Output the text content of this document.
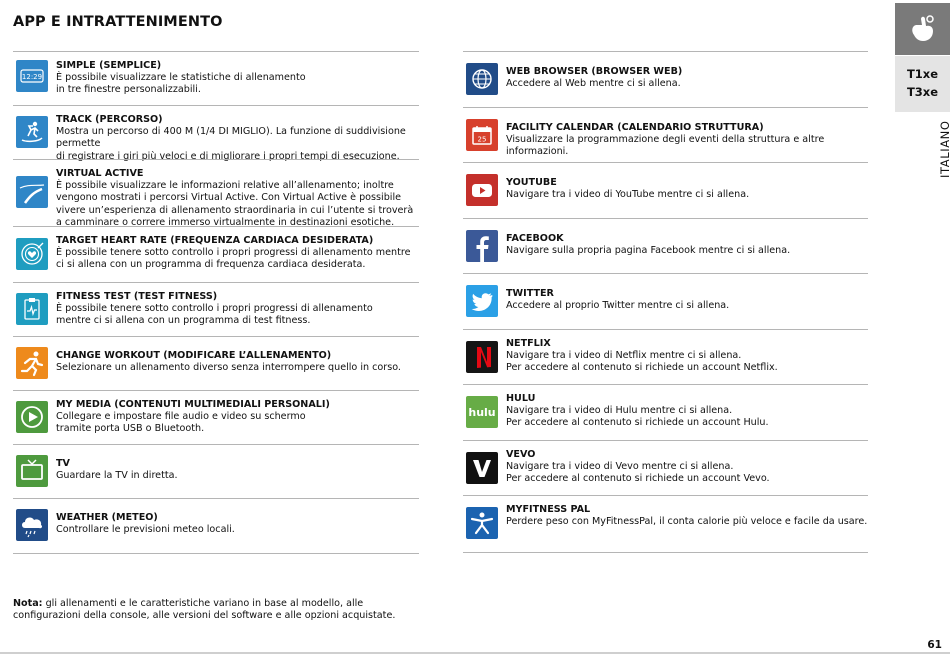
APP E INTRATTENIMENTO
12:29
SIMPLE (SEMPLICE)
È possibile visualizzare le statistiche di allenamento
in tre finestre personalizzabili.
TRACK (PERCORSO)
Mostra un percorso di 400 M (1/4 DI MIGLIO). La funzione di suddivisione permette
di registrare i giri più veloci e di migliorare i propri tempi di esecuzione.
VIRTUAL ACTIVE
È possibile visualizzare le informazioni relative all’allenamento; inoltre
vengono mostrati i percorsi Virtual Active. Con Virtual Active è possibile
vivere un’esperienza di allenamento straordinaria in cui l’utente si troverà
a camminare o correre immerso virtualmente in destinazioni esotiche.
TARGET HEART RATE (FREQUENZA CARDIACA DESIDERATA)
È possibile tenere sotto controllo i propri progressi di allenamento mentre
ci si allena con un programma di frequenza cardiaca desiderata.
FITNESS TEST (TEST FITNESS)
È possibile tenere sotto controllo i propri progressi di allenamento
mentre ci si allena con un programma di test fitness.
CHANGE WORKOUT (MODIFICARE L’ALLENAMENTO)
Selezionare un allenamento diverso senza interrompere quello in corso.
MY MEDIA (CONTENUTI MULTIMEDIALI PERSONALI)
Collegare e impostare file audio e video su schermo
tramite porta USB o Bluetooth.
TV
Guardare la TV in diretta.
WEATHER (METEO)
Controllare le previsioni meteo locali.
WEB BROWSER (BROWSER WEB)
Accedere al Web mentre ci si allena.
25
FACILITY CALENDAR (CALENDARIO STRUTTURA)
Visualizzare la programmazione degli eventi della struttura e altre informazioni.
YOUTUBE
Navigare tra i video di YouTube mentre ci si allena.
FACEBOOK
Navigare sulla propria pagina Facebook mentre ci si allena.
TWITTER
Accedere al proprio Twitter mentre ci si allena.
NETFLIX
Navigare tra i video di Netflix mentre ci si allena.
Per accedere al contenuto si richiede un account Netflix.
hulu
HULU
Navigare tra i video di Hulu mentre ci si allena.
Per accedere al contenuto si richiede un account Hulu.
VEVO
Navigare tra i video di Vevo mentre ci si allena.
Per accedere al contenuto si richiede un account Vevo.
MYFITNESS PAL
Perdere peso con MyFitnessPal, il conta calorie più veloce e facile da usare.
Nota: gli allenamenti e le caratteristiche variano in base al modello, alle
configurazioni della console, alle versioni del software e alle opzioni acquistate.
T1xe
T3xe
ITALIANO
61
